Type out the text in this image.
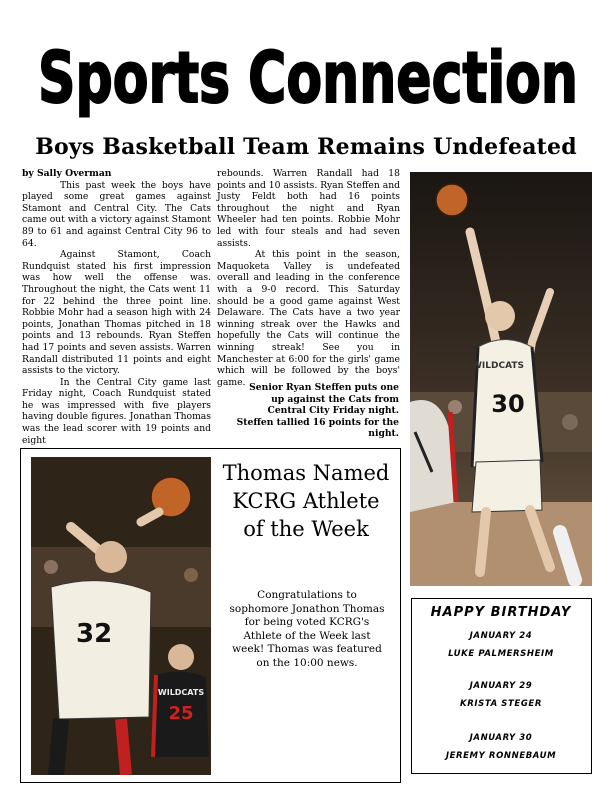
Sports Connection
Boys Basketball Team Remains Undefeated

by Sally Overman

This past week the boys have played some great games against Stamont and Central City. The Cats came out with a victory against Stamont 89 to 61 and against Central City 96 to 64.

Against Stamont, Coach Rundquist stated his first impression was how well the offense was. Throughout the night, the Cats went 11 for 22 behind the three point line. Robbie Mohr had a season high with 24 points, Jonathan Thomas pitched in 18 points and 13 rebounds. Ryan Steffen had 17 points and seven assists. Warren Randall distributed 11 points and eight assists to the victory.

In the Central City game last Friday night, Coach Rundquist stated he was impressed with five players having double figures. Jonathan Thomas was the lead scorer with 19 points and eight

rebounds. Warren Randall had 18 points and 10 assists. Ryan Steffen and Justy Feldt both had 16 points throughout the night and Ryan Wheeler had ten points. Robbie Mohr led with four steals and had seven assists.

At this point in the season, Maquoketa Valley is undefeated overall and leading in the conference with a 9-0 record. This Saturday should be a good game against West Delaware. The Cats have a two year winning streak over the Hawks and hopefully the Cats will continue the winning streak! See you in Manchester at 6:00 for the girls' game which will be followed by the boys' game. Senior Ryan Steffen puts one up against the Cats from Central City Friday night. Steffen tallied 16 points for the night.
WILDCATS
30
32
WILDCATS
25
Thomas Named KCRG Athlete of the Week
Congratulations to sophomore Jonathon Thomas for being voted KCRG's Athlete of the Week last week! Thomas was featured on the 10:00 news.
HAPPY BIRTHDAY
JANUARY 24
LUKE PALMERSHEIM
JANUARY 29
KRISTA STEGER
JANUARY 30
JEREMY RONNEBAUM
